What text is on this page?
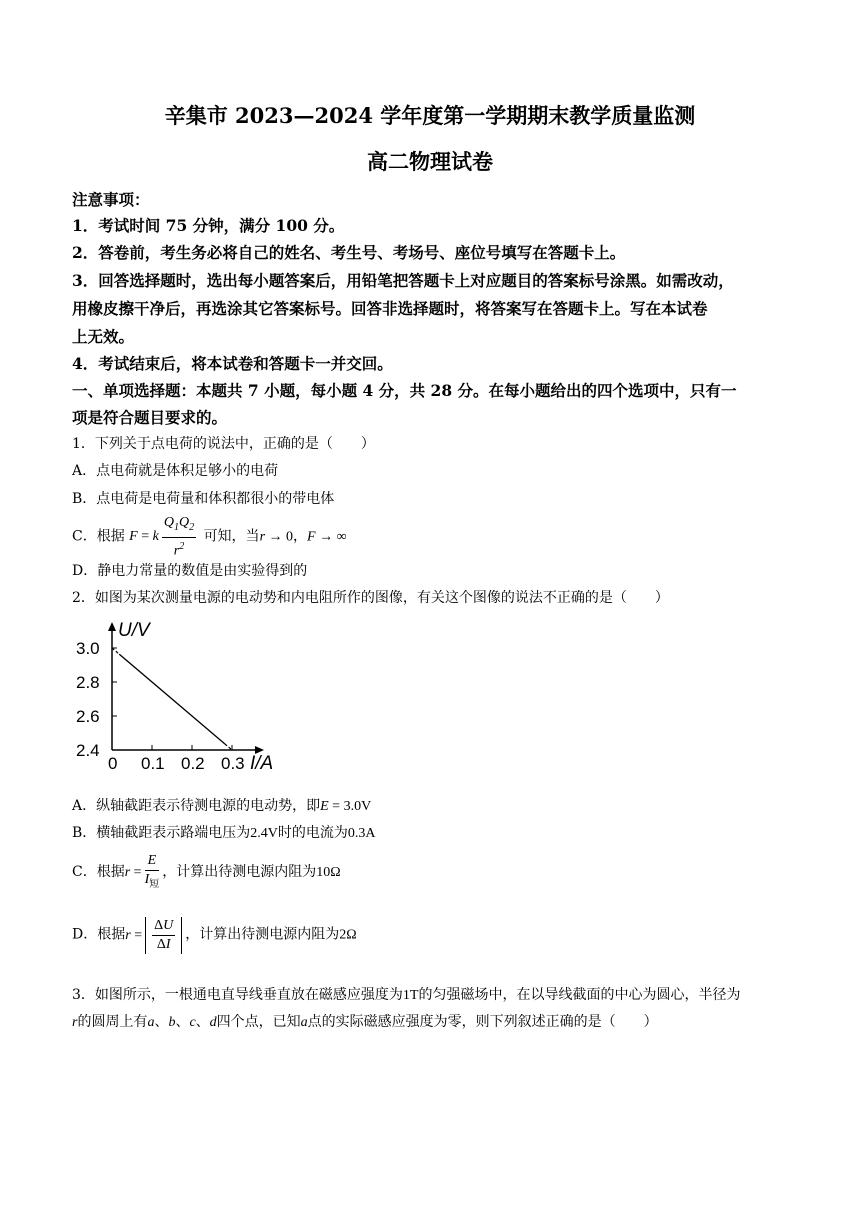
辛集市 2023—2024 学年度第一学期期末教学质量监测
高二物理试卷
注意事项：
1．考试时间 75 分钟，满分 100 分。
2．答卷前，考生务必将自己的姓名、考生号、考场号、座位号填写在答题卡上。
3．回答选择题时，选出每小题答案后，用铅笔把答题卡上对应题目的答案标号涂黑。如需改动，
用橡皮擦干净后，再选涂其它答案标号。回答非选择题时，将答案写在答题卡上。写在本试卷
上无效。
4．考试结束后，将本试卷和答题卡一并交回。
一、单项选择题：本题共 7 小题，每小题 4 分，共 28 分。在每小题给出的四个选项中，只有一
项是符合题目要求的。
1．下列关于点电荷的说法中，正确的是（　　）
A．点电荷就是体积足够小的电荷
B．点电荷是电荷量和体积都很小的带电体
C．根据 F = k $\frac{Q_1Q_2}{r^2}$ 可知，当r → 0，F → ∞
D．静电力常量的数值是由实验得到的
2．如图为某次测量电源的电动势和内电阻所作的图像，有关这个图像的说法不正确的是（　　）
U/V
I/A
2.4
2.6
2.8
3.0
0 0.1 0.2 0.3
A．纵轴截距表示待测电源的电动势，即E = 3.0V
B．横轴截距表示路端电压为2.4V时的电流为0.3A
C．根据$r = \frac{E}{I_短}$ ，计算出待测电源内阻为10Ω
D．根据$r = \frac{\Delta U}{\Delta I}$ ，计算出待测电源内阻为2Ω
3．如图所示，一根通电直导线垂直放在磁感应强度为1T的匀强磁场中，在以导线截面的中心为圆心，半径为
r的圆周上有a、b、c、d四个点，已知a点的实际磁感应强度为零，则下列叙述正确的是（　　）
